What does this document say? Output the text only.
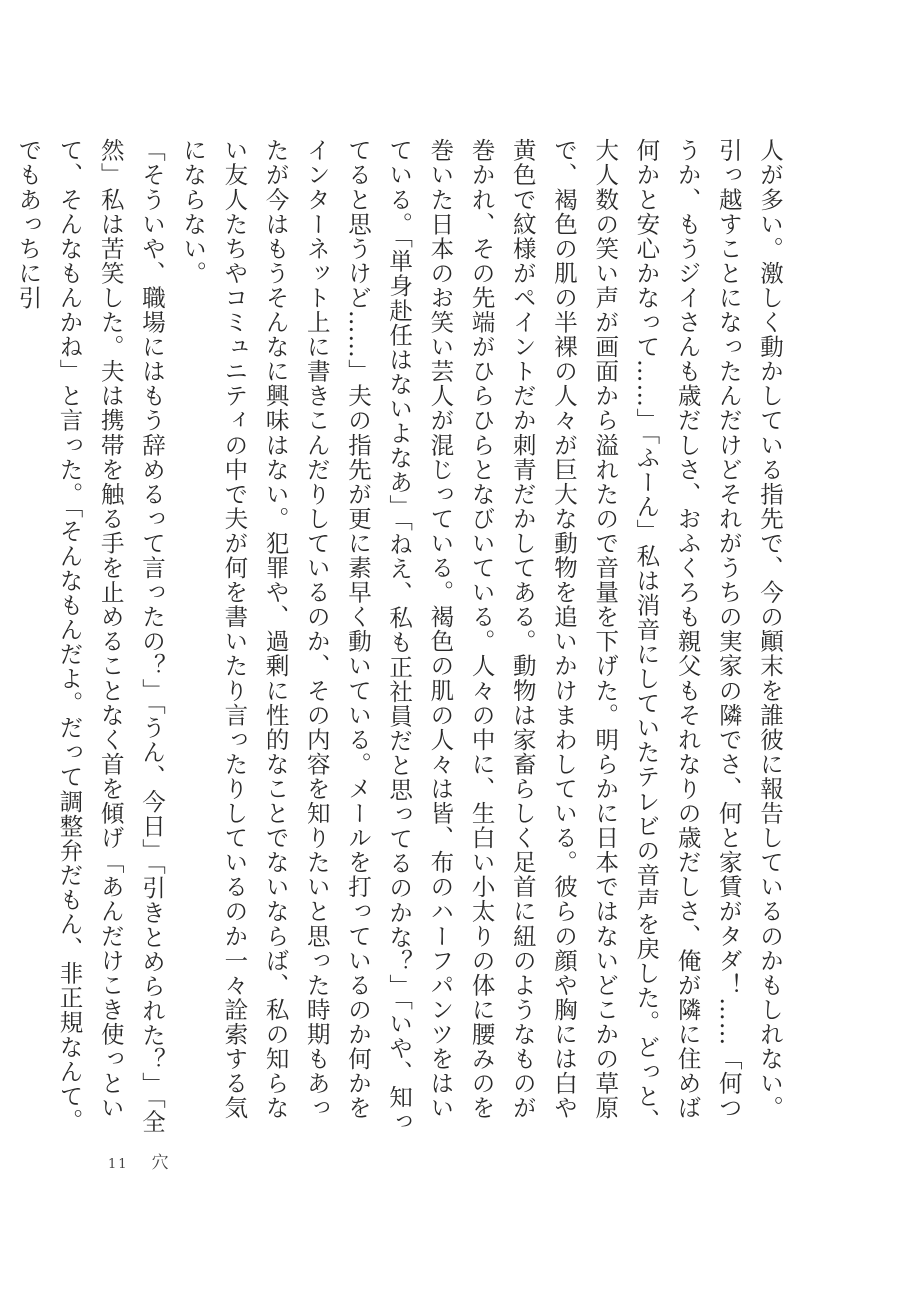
人が多い。激しく動かしている指先で、今の顚末を誰彼に報告しているのかもしれない。引っ越すことになったんだけどそれがうちの実家の隣でさ、何と家賃がタダ！……「何つうか、もうジイさんも歳だしさ、おふくろも親父もそれなりの歳だしさ、俺が隣に住めば何かと安心かなって……」「ふーん」私は消音にしていたテレビの音声を戻した。どっと、大人数の笑い声が画面から溢れたので音量を下げた。明らかに日本ではないどこかの草原で、褐色の肌の半裸の人々が巨大な動物を追いかけまわしている。彼らの顔や胸には白や黄色で紋様がペイントだか刺青だかしてある。動物は家畜らしく足首に紐のようなものが巻かれ、その先端がひらひらとなびいている。人々の中に、生白い小太りの体に腰みのを巻いた日本のお笑い芸人が混じっている。褐色の肌の人々は皆、布のハーフパンツをはいている。「単身赴任はないよなあ」「ねえ、私も正社員だと思ってるのかな？」「いや、知ってると思うけど……」夫の指先が更に素早く動いている。メールを打っているのか何かをインターネット上に書きこんだりしているのか、その内容を知りたいと思った時期もあったが今はもうそんなに興味はない。犯罪や、過剰に性的なことでないならば、私の知らない友人たちやコミュニティの中で夫が何を書いたり言ったりしているのか一々詮索する気にならない。

「そういや、職場にはもう辞めるって言ったの？」「うん、今日」「引きとめられた？」「全然」私は苦笑した。夫は携帯を触る手を止めることなく首を傾げ「あんだけこき使っといて、そんなもんかね」と言った。「そんなもんだよ。だって調整弁だもん、非正規なんて。でもあっちに引

11 穴
